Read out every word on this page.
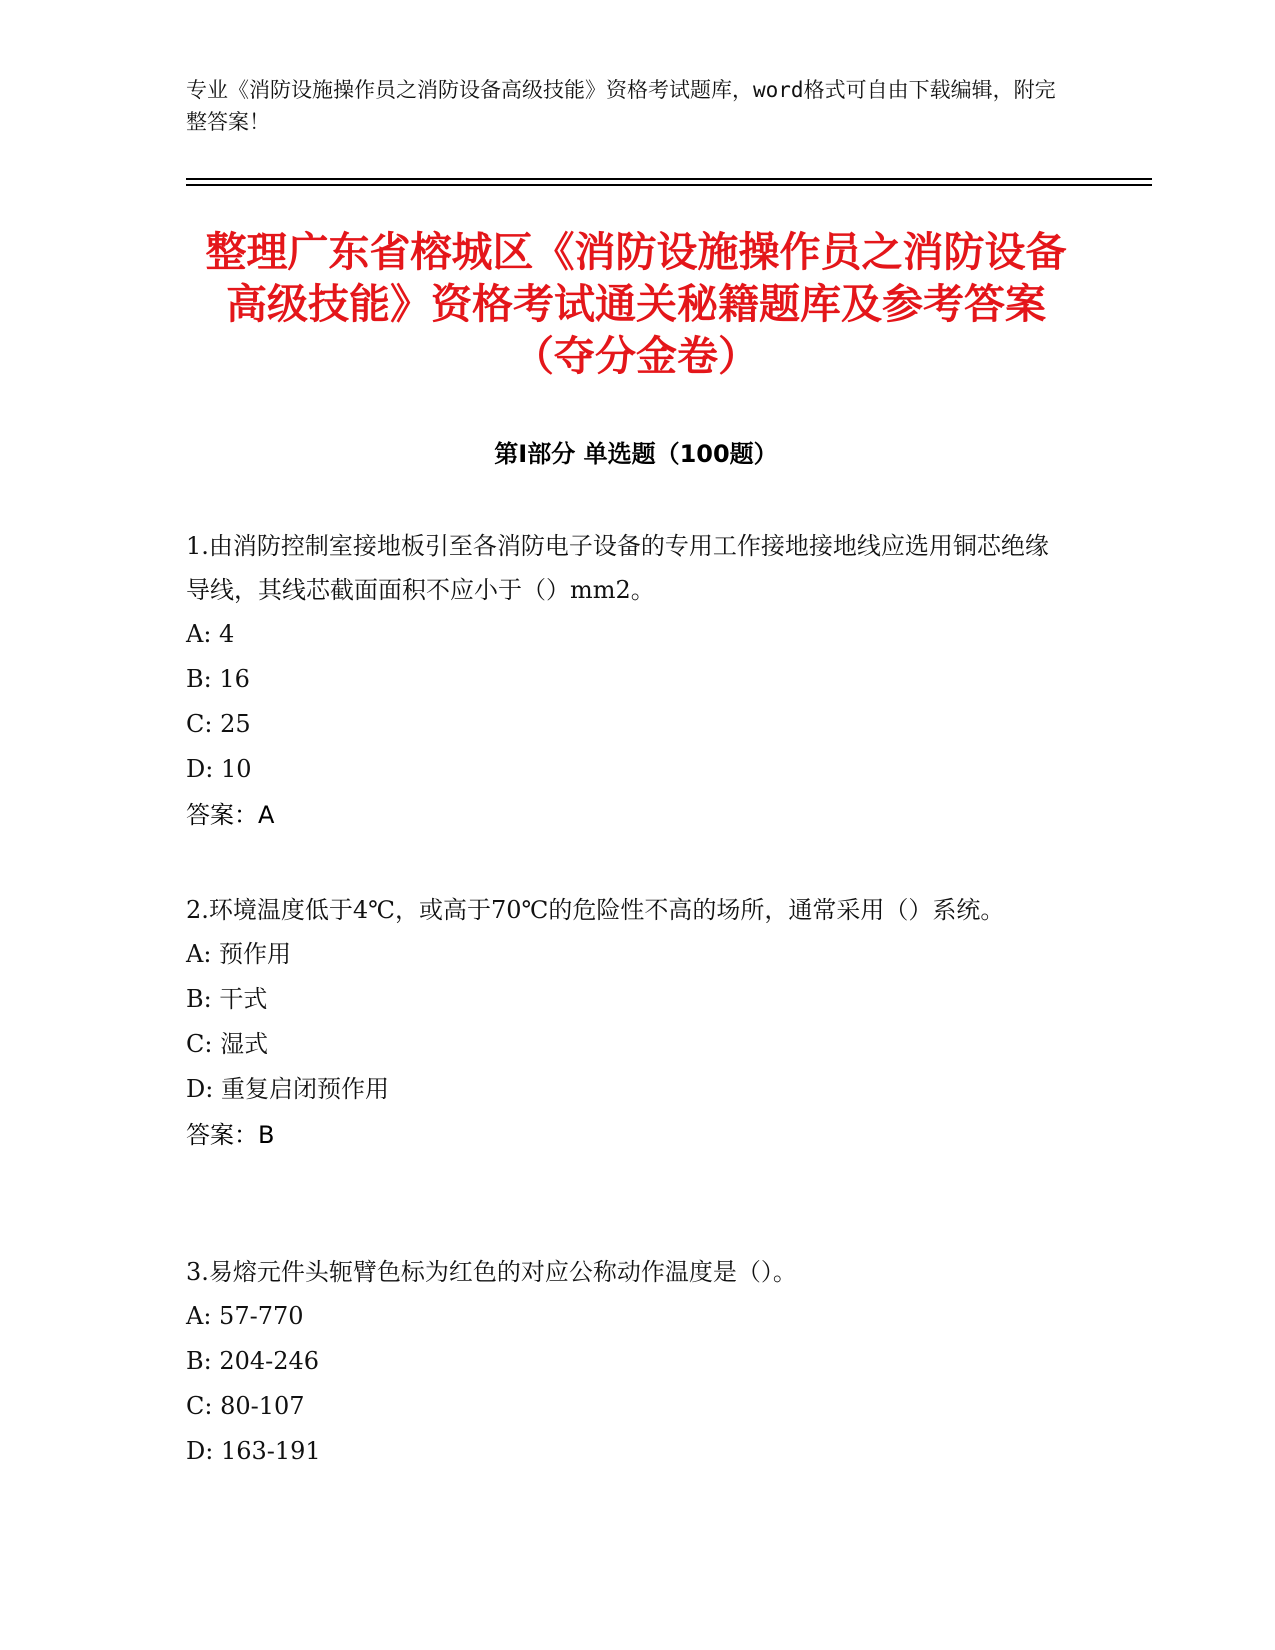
专业《消防设施操作员之消防设备高级技能》资格考试题库，word格式可自由下载编辑，附完整答案！
整理广东省榕城区《消防设施操作员之消防设备高级技能》资格考试通关秘籍题库及参考答案（夺分金卷）
第Ⅰ部分 单选题（100题）

1.由消防控制室接地板引至各消防电子设备的专用工作接地接地线应选用铜芯绝缘导线，其线芯截面面积不应小于（）mm2。

A: 4

B: 16

C: 25

D: 10

答案：A

2.环境温度低于4℃，或高于70℃的危险性不高的场所，通常采用（）系统。

A: 预作用

B: 干式

C: 湿式

D: 重复启闭预作用

答案：B

3.易熔元件头轭臂色标为红色的对应公称动作温度是（）。

A: 57-770

B: 204-246

C: 80-107

D: 163-191
